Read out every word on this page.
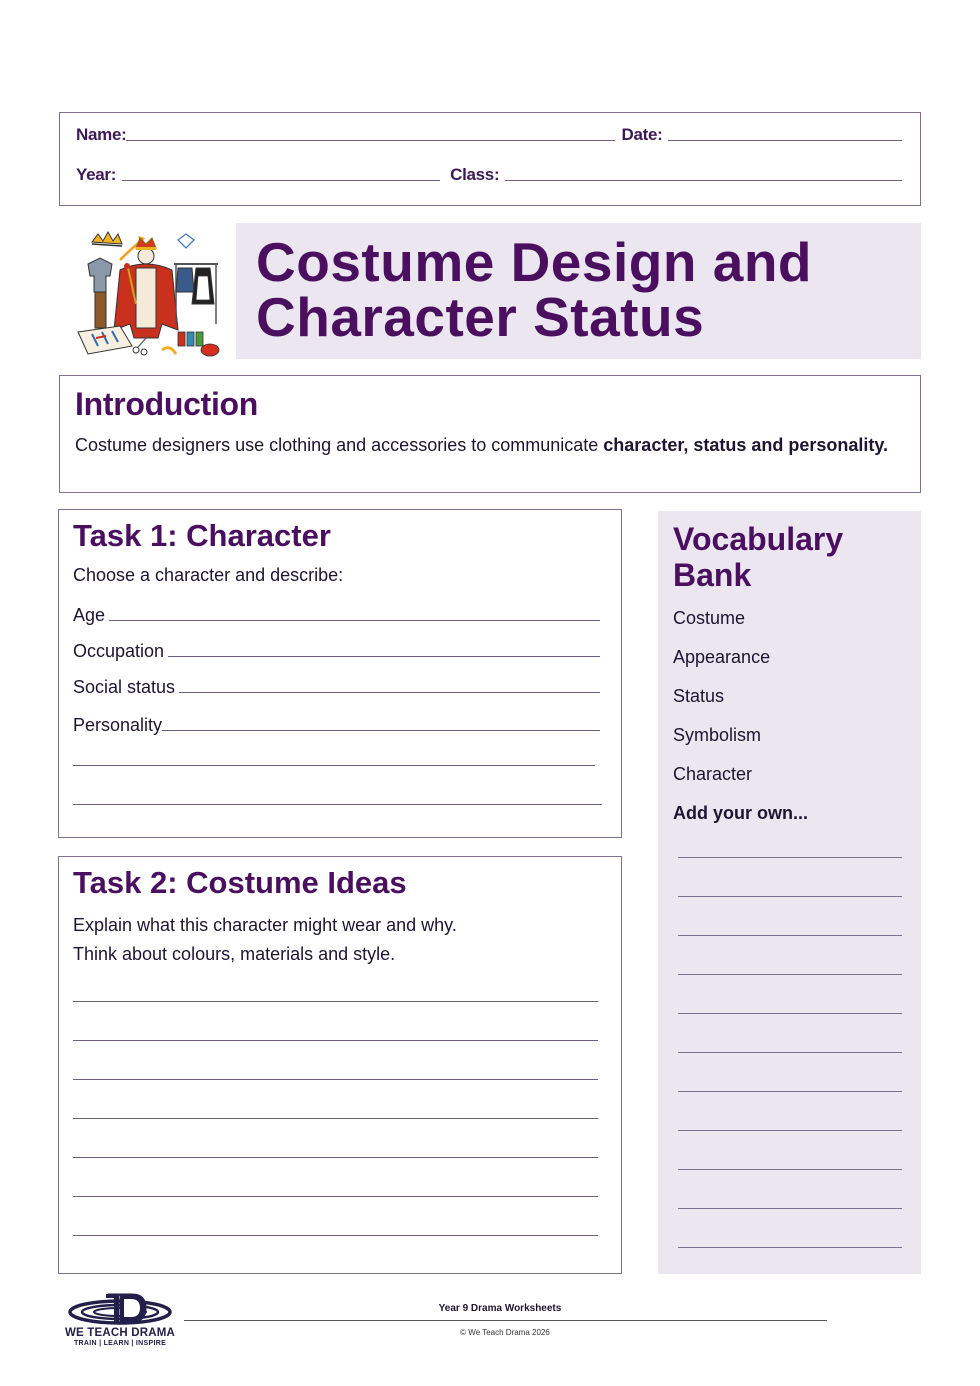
Name:	Date:
Year:	Class:
Costume Design and
Character Status
Introduction
Costume designers use clothing and accessories to communicate character, status and personality.
Task 1: Character
Choose a character and describe:
Age
Occupation
Social status
Personality
Task 2: Costume Ideas
Explain what this character might wear and why.
Think about colours, materials and style.
Vocabulary
Bank
Costume
Appearance
Status
Symbolism
Character
Add your own...
WE TEACH DRAMA
TRAIN | LEARN | INSPIRE
Year 9 Drama Worksheets
© We Teach Drama 2026
